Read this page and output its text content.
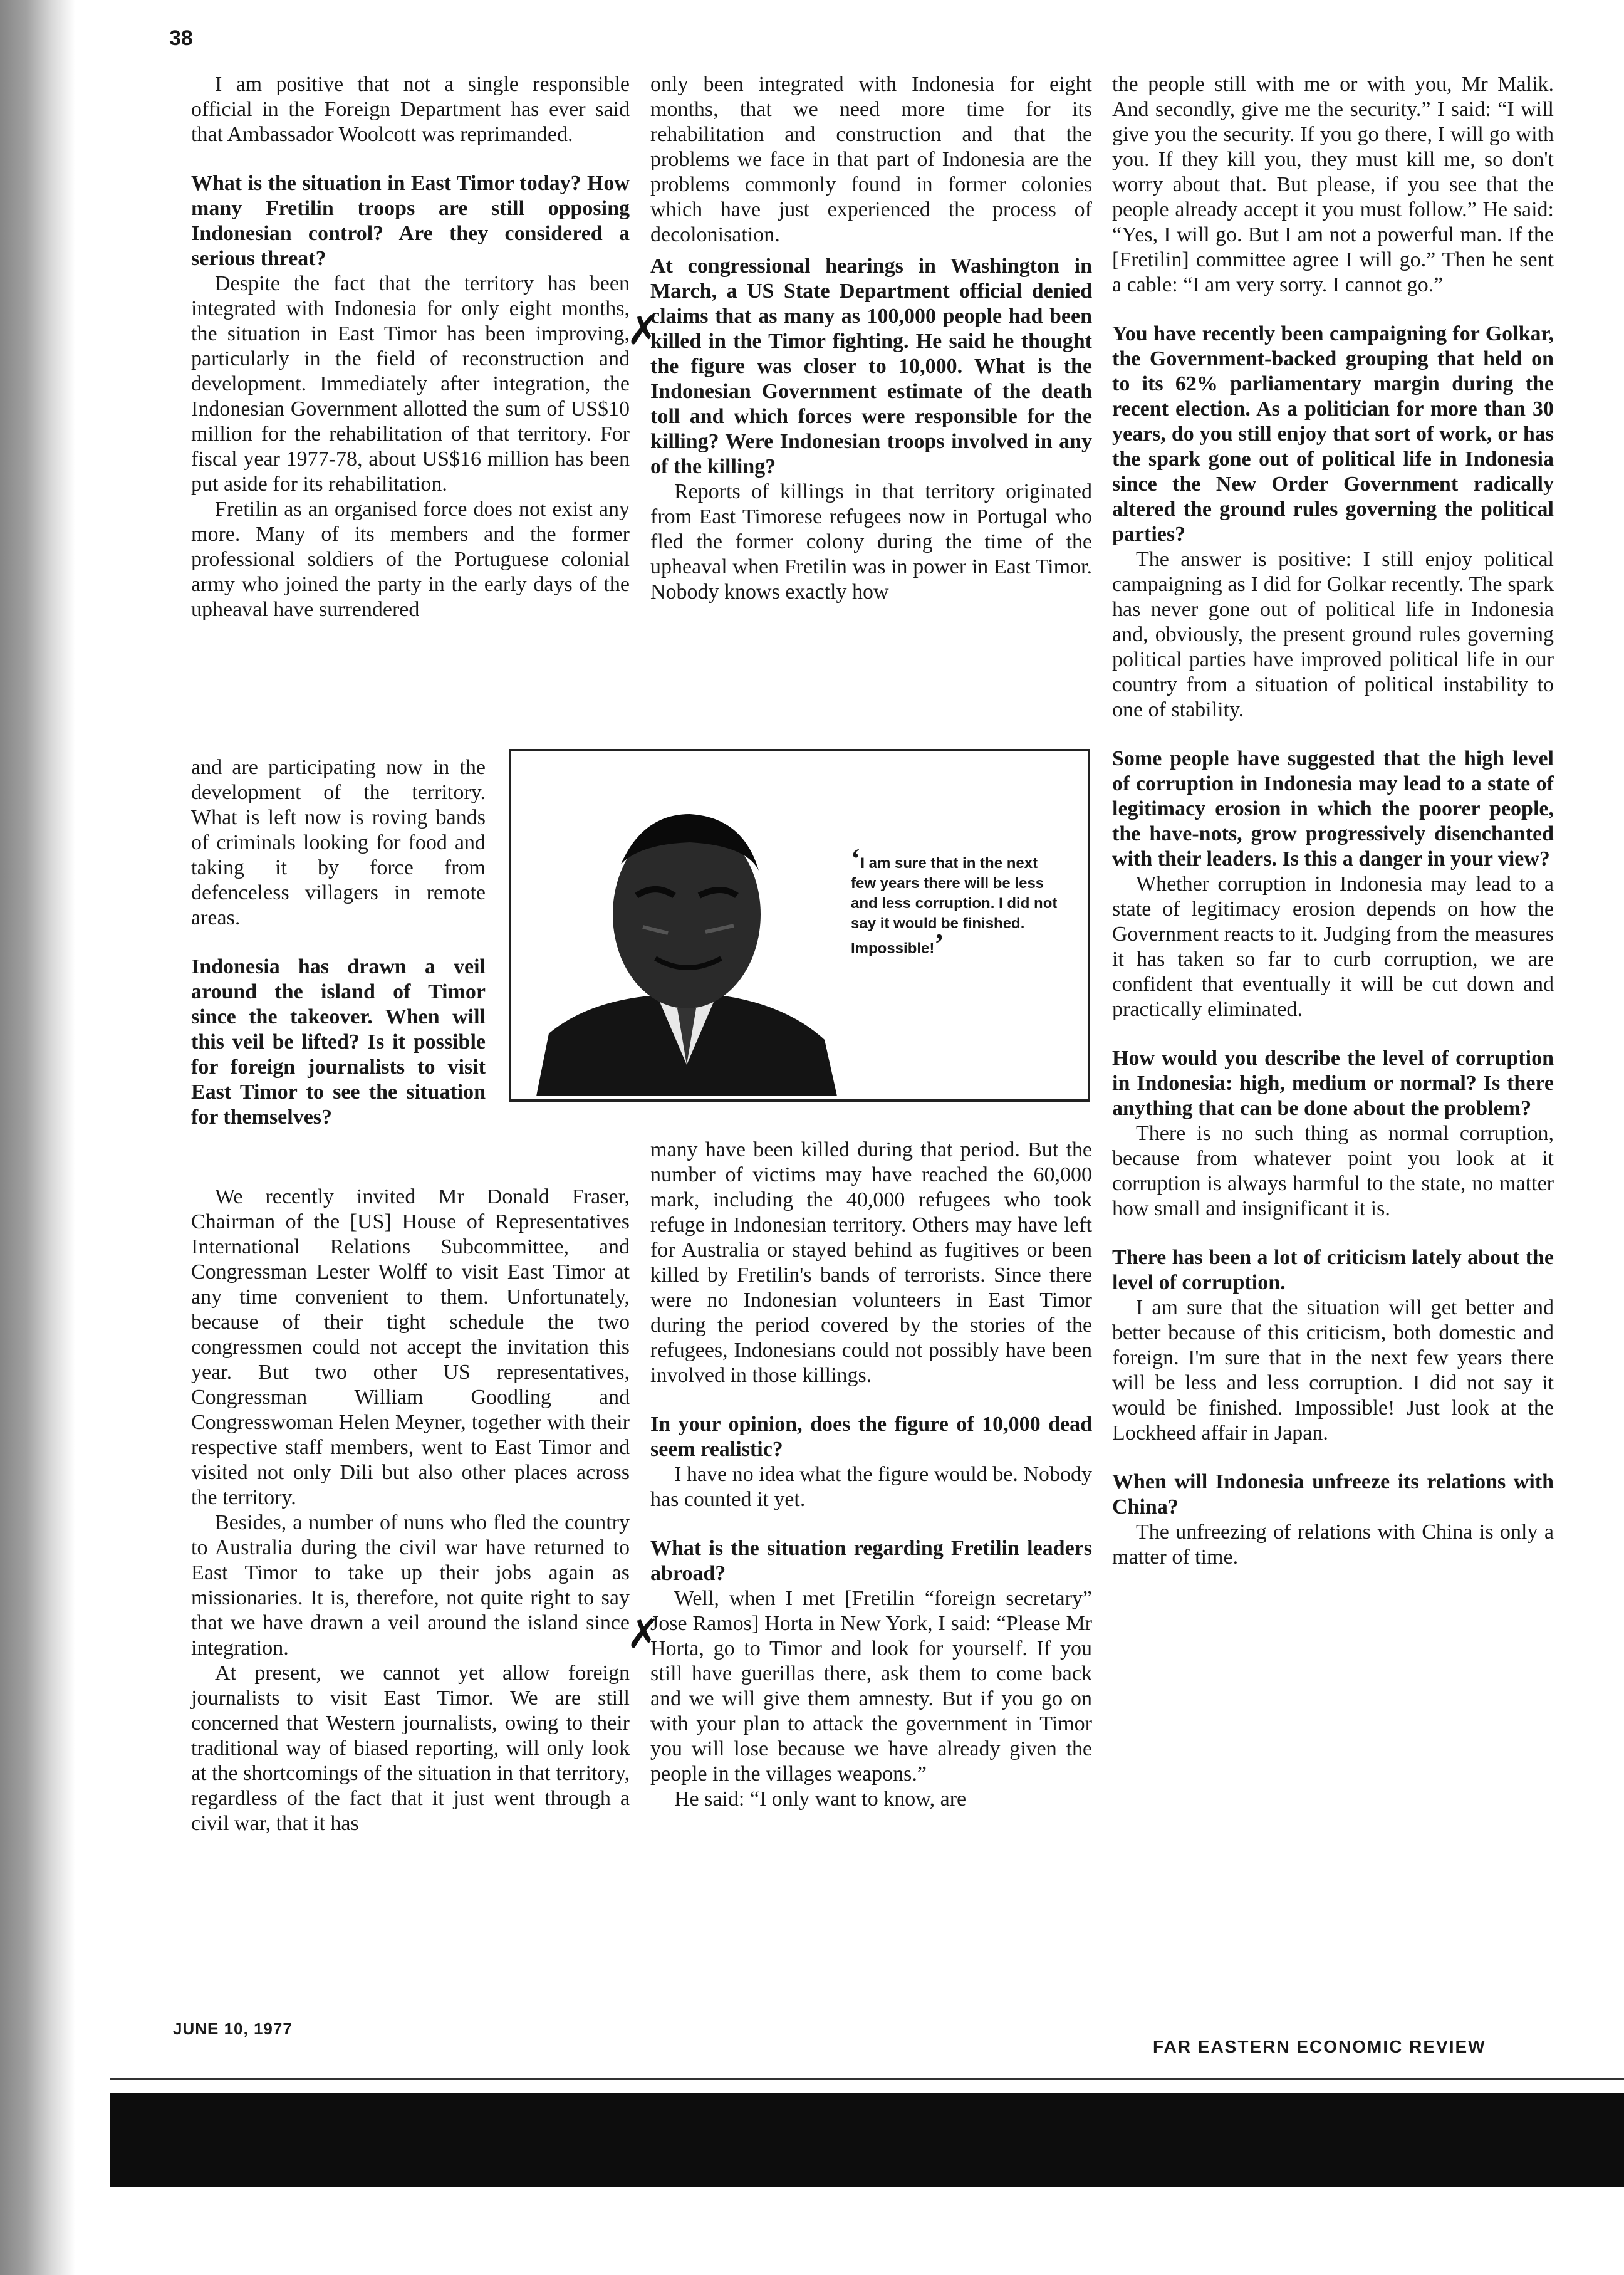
38

I am positive that not a single responsible official in the Foreign Department has ever said that Ambassador Woolcott was reprimanded.

What is the situation in East Timor today? How many Fretilin troops are still opposing Indonesian control? Are they considered a serious threat?

Despite the fact that the territory has been integrated with Indonesia for only eight months, the situation in East Timor has been improving, particularly in the field of reconstruction and development. Immediately after integration, the Indonesian Government allotted the sum of US$10 million for the rehabilitation of that territory. For fiscal year 1977-78, about US$16 million has been put aside for its rehabilitation.

Fretilin as an organised force does not exist any more. Many of its members and the former professional soldiers of the Portuguese colonial army who joined the party in the early days of the upheaval have surrendered

and are participating now in the development of the territory. What is left now is roving bands of criminals looking for food and taking it by force from defenceless villagers in remote areas.

Indonesia has drawn a veil around the island of Timor since the takeover. When will this veil be lifted? Is it possible for foreign journalists to visit East Timor to see the situation for themselves?

We recently invited Mr Donald Fraser, Chairman of the [US] House of Representatives International Relations Subcommittee, and Congressman Lester Wolff to visit East Timor at any time convenient to them. Unfortunately, because of their tight schedule the two congressmen could not accept the invitation this year. But two other US representatives, Congressman William Goodling and Congresswoman Helen Meyner, together with their respective staff members, went to East Timor and visited not only Dili but also other places across the territory.

Besides, a number of nuns who fled the country to Australia during the civil war have returned to East Timor to take up their jobs again as missionaries. It is, therefore, not quite right to say that we have drawn a veil around the island since integration.

At present, we cannot yet allow foreign journalists to visit East Timor. We are still concerned that Western journalists, owing to their traditional way of biased reporting, will only look at the shortcomings of the situation in that territory, regardless of the fact that it just went through a civil war, that it has

only been integrated with Indonesia for eight months, that we need more time for its rehabilitation and construction and that the problems we face in that part of Indonesia are the problems commonly found in former colonies which have just experienced the process of decolonisation.

At congressional hearings in Washington in March, a US State Department official denied claims that as many as 100,000 people had been killed in the Timor fighting. He said he thought the figure was closer to 10,000. What is the Indonesian Government estimate of the death toll and which forces were responsible for the killing? Were Indonesian troops involved in any of the killing?

Reports of killings in that territory originated from East Timorese refugees now in Portugal who fled the former colony during the time of the upheaval when Fretilin was in power in East Timor. Nobody knows exactly how

many have been killed during that period. But the number of victims may have reached the 60,000 mark, including the 40,000 refugees who took refuge in Indonesian territory. Others may have left for Australia or stayed behind as fugitives or been killed by Fretilin's bands of terrorists. Since there were no Indonesian volunteers in East Timor during the period covered by the stories of the refugees, Indonesians could not possibly have been involved in those killings.

In your opinion, does the figure of 10,000 dead seem realistic?

I have no idea what the figure would be. Nobody has counted it yet.

What is the situation regarding Fretilin leaders abroad?

Well, when I met [Fretilin “foreign secretary” Jose Ramos] Horta in New York, I said: “Please Mr Horta, go to Timor and look for yourself. If you still have guerillas there, ask them to come back and we will give them amnesty. But if you go on with your plan to attack the government in Timor you will lose because we have already given the people in the villages weapons.”

He said: “I only want to know, are

the people still with me or with you, Mr Malik. And secondly, give me the security.” I said: “I will give you the security. If you go there, I will go with you. If they kill you, they must kill me, so don't worry about that. But please, if you see that the people already accept it you must follow.” He said: “Yes, I will go. But I am not a powerful man. If the [Fretilin] committee agree I will go.” Then he sent a cable: “I am very sorry. I cannot go.”

You have recently been campaigning for Golkar, the Government-backed grouping that held on to its 62% parliamentary margin during the recent election. As a politician for more than 30 years, do you still enjoy that sort of work, or has the spark gone out of political life in Indonesia since the New Order Government radically altered the ground rules governing the political parties?

The answer is positive: I still enjoy political campaigning as I did for Golkar recently. The spark has never gone out of political life in Indonesia and, obviously, the present ground rules governing political parties have improved political life in our country from a situation of political instability to one of stability.

Some people have suggested that the high level of corruption in Indonesia may lead to a state of legitimacy erosion in which the poorer people, the have-nots, grow progressively disenchanted with their leaders. Is this a danger in your view?

Whether corruption in Indonesia may lead to a state of legitimacy erosion depends on how the Government reacts to it. Judging from the measures it has taken so far to curb corruption, we are confident that eventually it will be cut down and practically eliminated.

How would you describe the level of corruption in Indonesia: high, medium or normal? Is there anything that can be done about the problem?

There is no such thing as normal corruption, because from whatever point you look at it corruption is always harmful to the state, no matter how small and insignificant it is.

There has been a lot of criticism lately about the level of corruption.

I am sure that the situation will get better and better because of this criticism, both domestic and foreign. I'm sure that in the next few years there will be less and less corruption. I did not say it would be finished. Impossible! Just look at the Lockheed affair in Japan.

When will Indonesia unfreeze its relations with China?

The unfreezing of relations with China is only a matter of time.

‘I am sure that in the next few years there will be less and less corruption. I did not say it would be finished. Impossible!’
✗
✗
JUNE 10, 1977
FAR EASTERN ECONOMIC REVIEW
